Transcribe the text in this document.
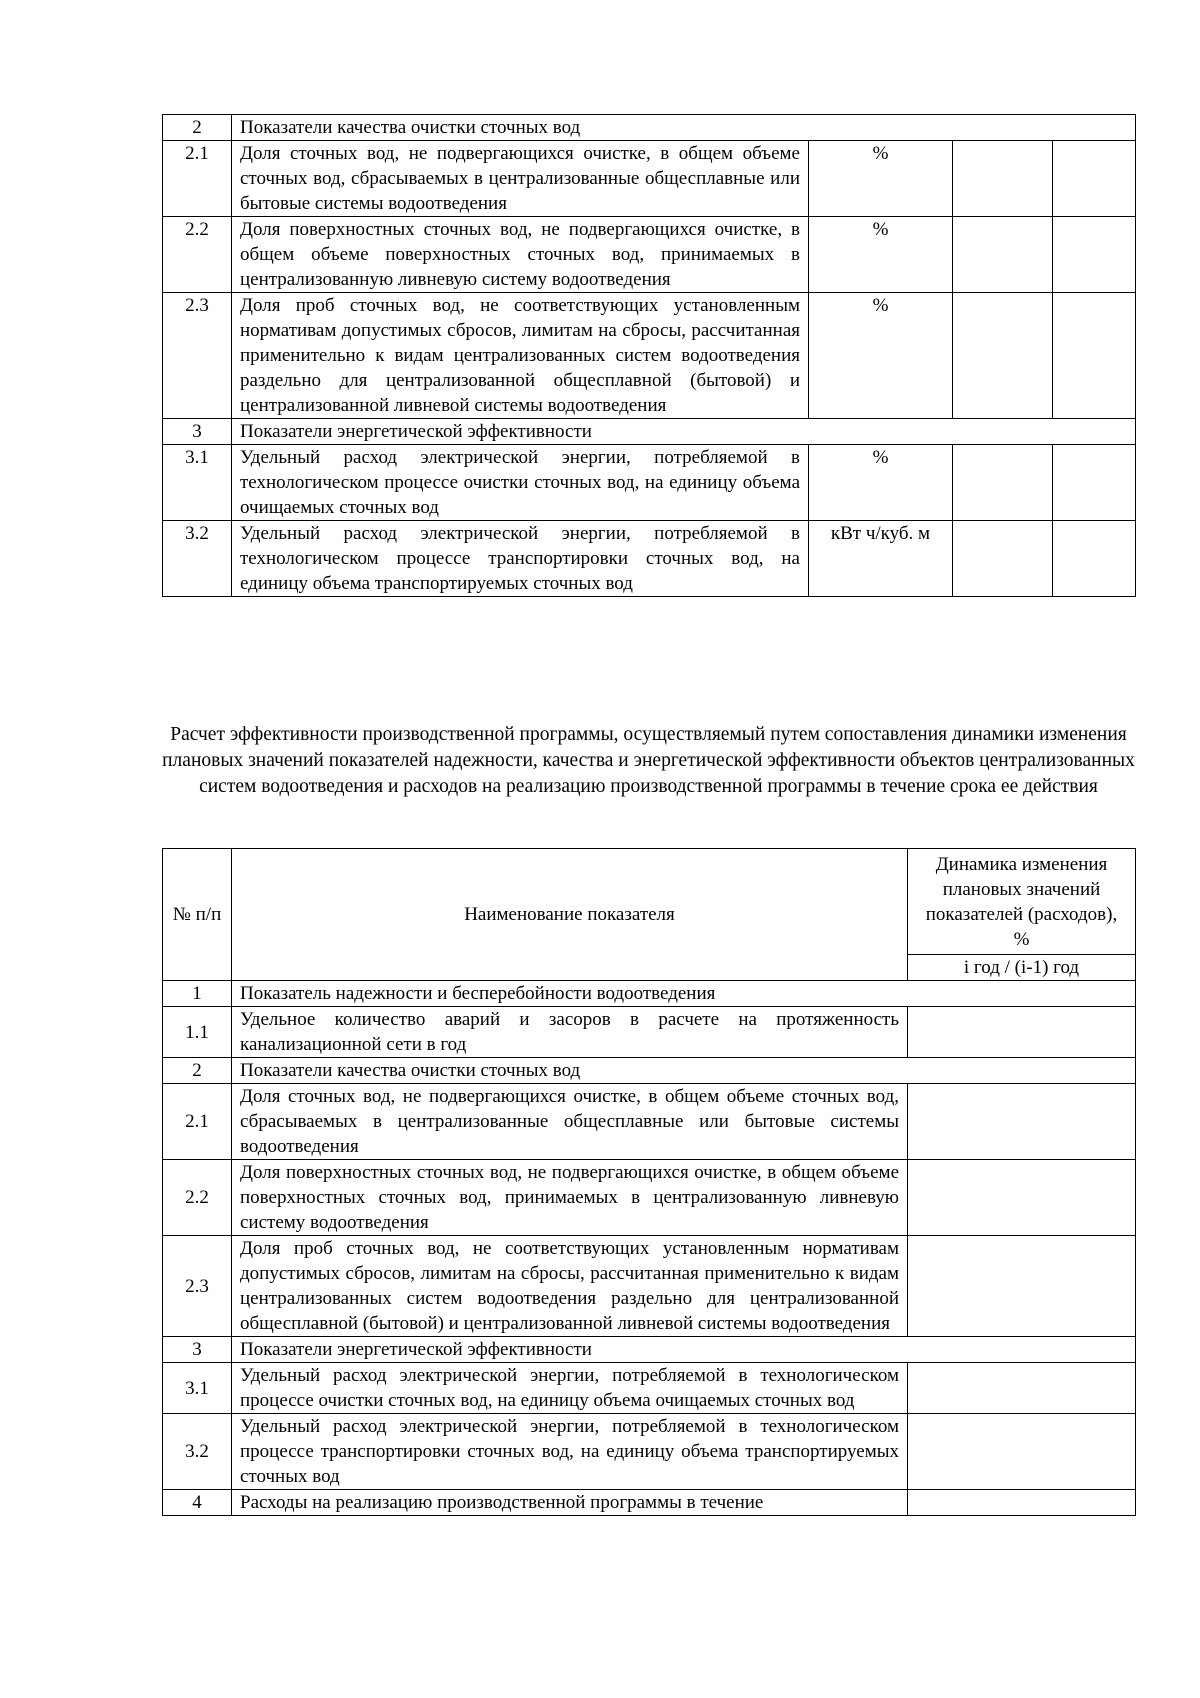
2	Показатели качества очистки сточных вод			
2.1	Доля сточных вод, не подвергающихся очистке, в общем объеме сточных вод, сбрасываемых в централизованные общесплавные или бытовые системы водоотведения	%		
2.2	Доля поверхностных сточных вод, не подвергающихся очистке, в общем объеме поверхностных сточных вод, принимаемых в централизованную ливневую систему водоотведения	%		
2.3	Доля проб сточных вод, не соответствующих установленным нормативам допустимых сбросов, лимитам на сбросы, рассчитанная применительно к видам централизованных систем водоотведения раздельно для централизованной общесплавной (бытовой) и централизованной ливневой системы водоотведения	%		
3	Показатели энергетической эффективности			
3.1	Удельный расход электрической энергии, потребляемой в технологическом процессе очистки сточных вод, на единицу объема очищаемых сточных вод	%		
3.2	Удельный расход электрической энергии, потребляемой в технологическом процессе транспортировки сточных вод, на единицу объема транспортируемых сточных вод	кВт ч/куб. м		
Расчет эффективности производственной программы, осуществляемый путем сопоставления динамики изменения плановых значений показателей надежности, качества и энергетической эффективности объектов централизованных систем водоотведения и расходов на реализацию производственной программы в течение срока ее действия
№ п/п	Наименование показателя	Динамика изменения плановых значений показателей (расходов), %
		i год / (i-1) год
1	Показатель надежности и бесперебойности водоотведения	
1.1	Удельное количество аварий и засоров в расчете на протяженность канализационной сети в год	
2	Показатели качества очистки сточных вод	
2.1	Доля сточных вод, не подвергающихся очистке, в общем объеме сточных вод, сбрасываемых в централизованные общесплавные или бытовые системы водоотведения	
2.2	Доля поверхностных сточных вод, не подвергающихся очистке, в общем объеме поверхностных сточных вод, принимаемых в централизованную ливневую систему водоотведения	
2.3	Доля проб сточных вод, не соответствующих установленным нормативам допустимых сбросов, лимитам на сбросы, рассчитанная применительно к видам централизованных систем водоотведения раздельно для централизованной общесплавной (бытовой) и централизованной ливневой системы водоотведения	
3	Показатели энергетической эффективности	
3.1	Удельный расход электрической энергии, потребляемой в технологическом процессе очистки сточных вод, на единицу объема очищаемых сточных вод	
3.2	Удельный расход электрической энергии, потребляемой в технологическом процессе транспортировки сточных вод, на единицу объема транспортируемых сточных вод	
4	Расходы на реализацию производственной программы в течение	
